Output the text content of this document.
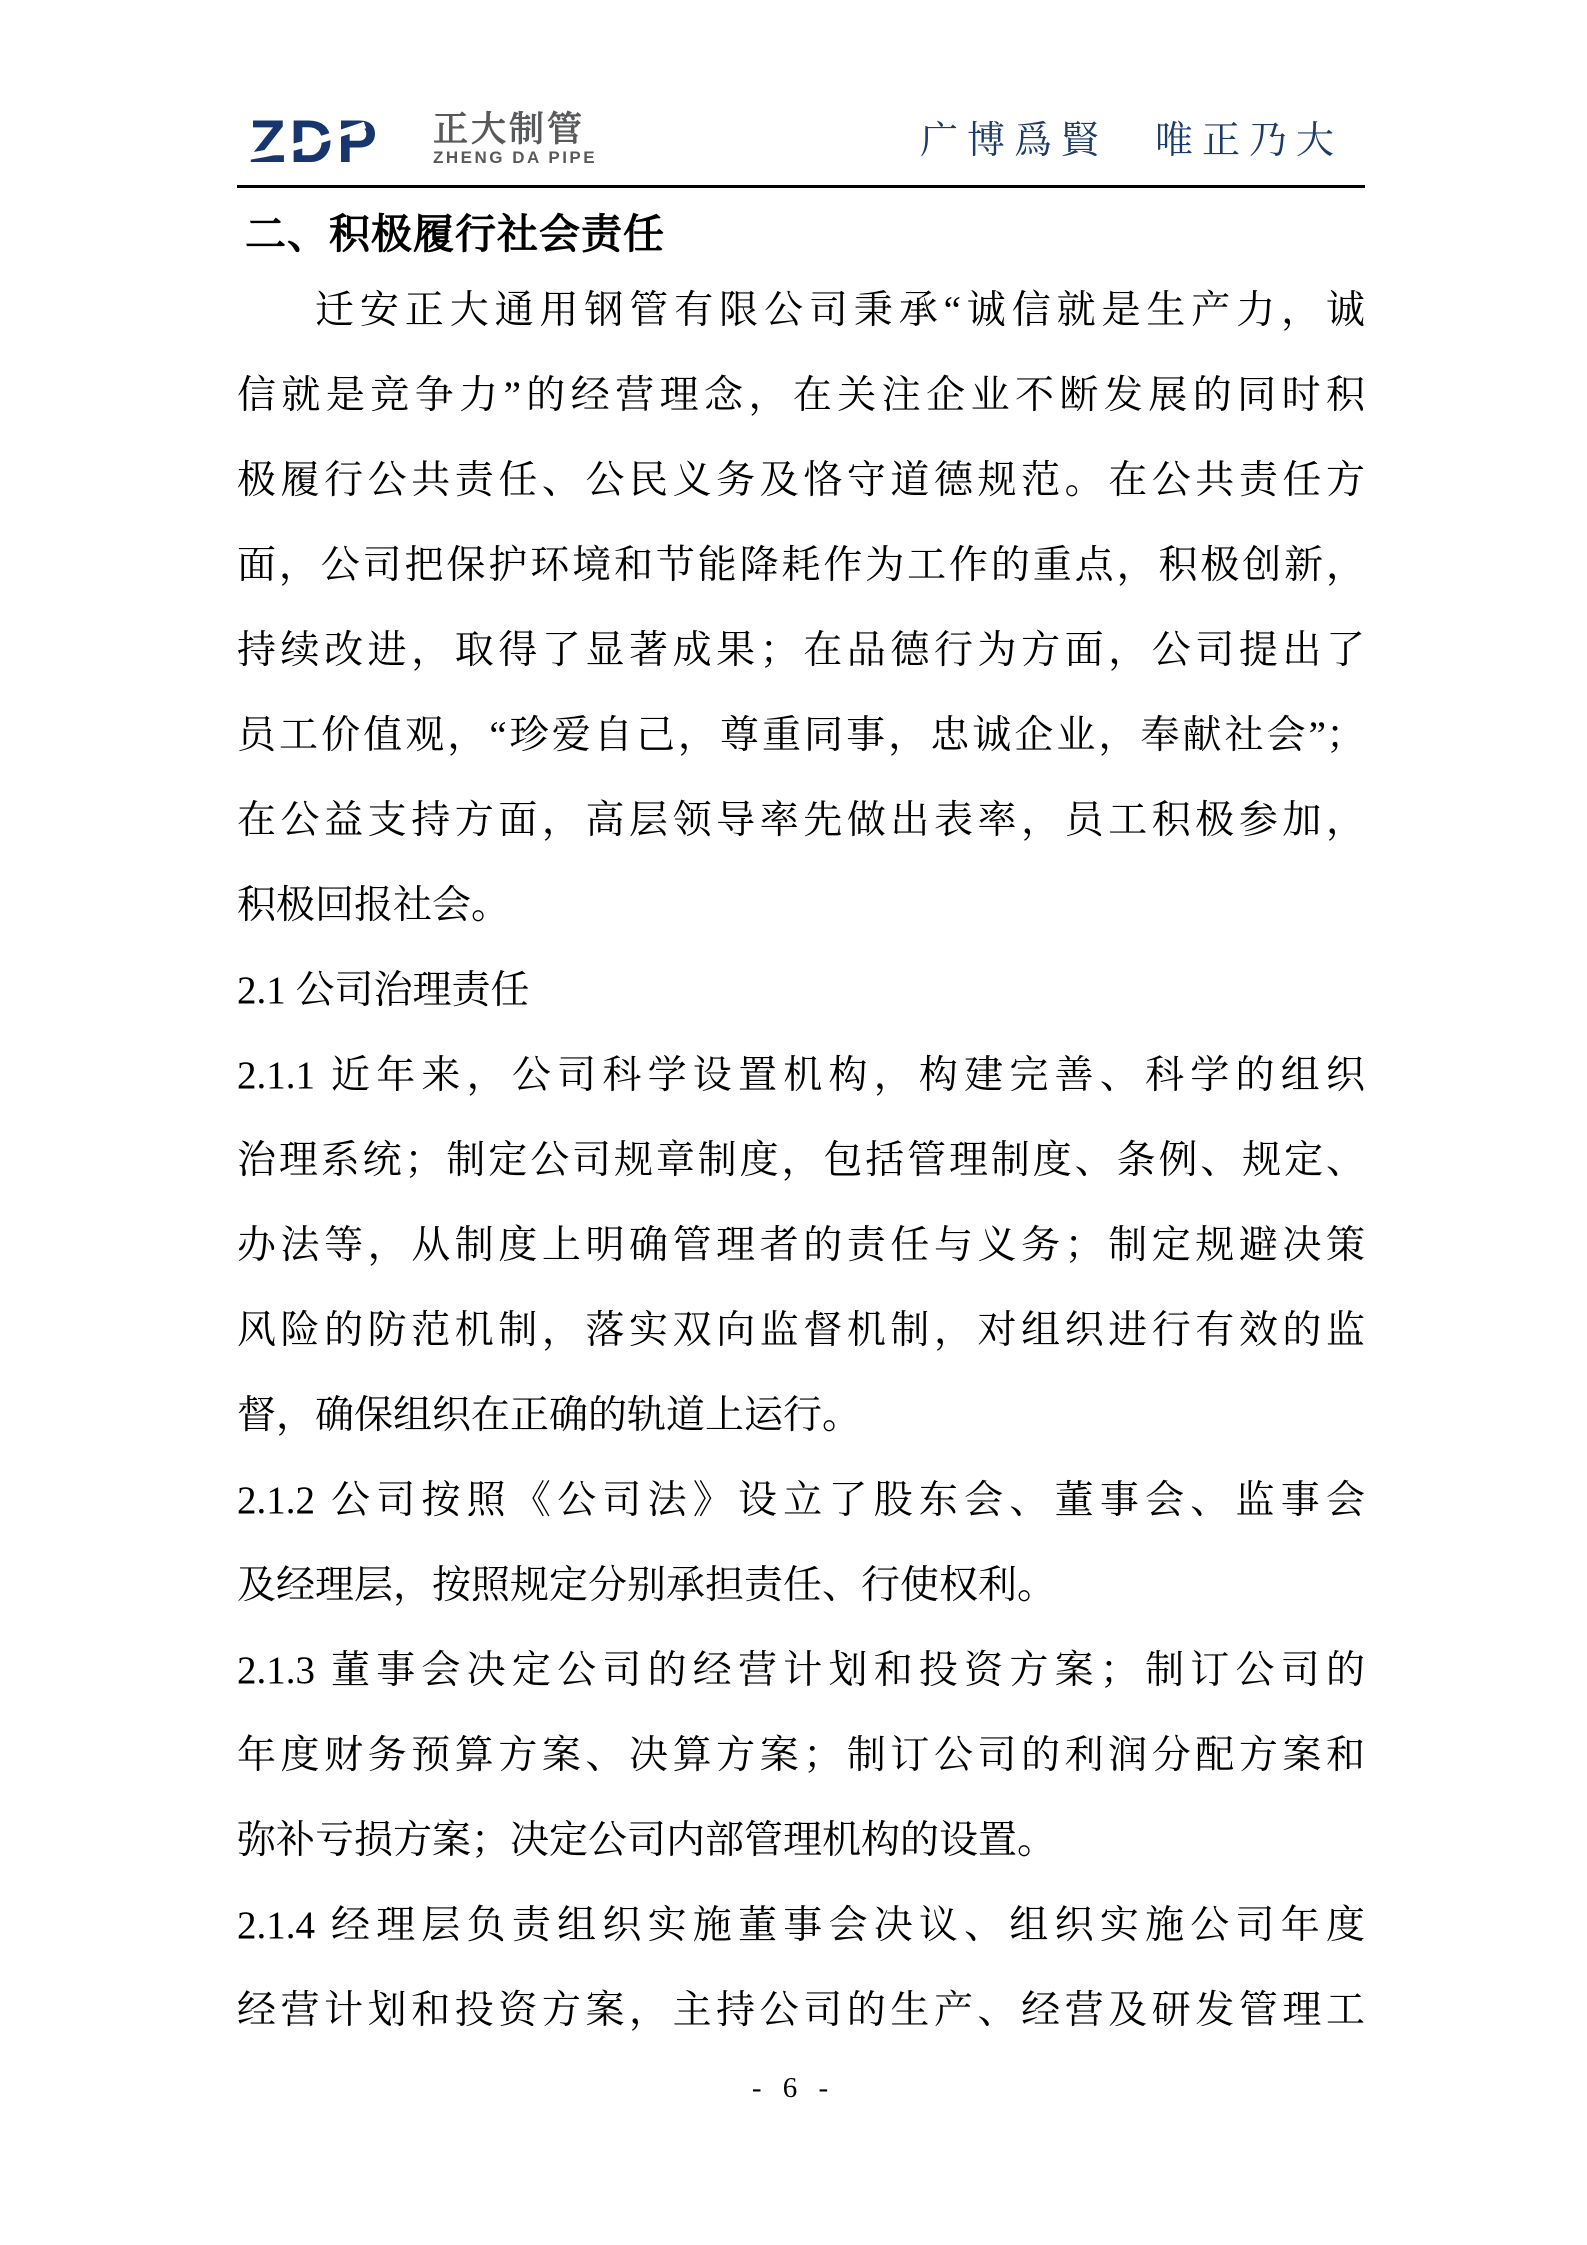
ZDP 正大制管
ZHENG DA PIPE	广博爲賢　唯正乃大
二、积极履行社会责任
迁安正大通用钢管有限公司秉承“诚信就是生产力，诚
信就是竞争力”的经营理念，在关注企业不断发展的同时积
极履行公共责任、公民义务及恪守道德规范。在公共责任方
面，公司把保护环境和节能降耗作为工作的重点，积极创新，
持续改进，取得了显著成果；在品德行为方面，公司提出了
员工价值观，“珍爱自己，尊重同事，忠诚企业，奉献社会”；
在公益支持方面，高层领导率先做出表率，员工积极参加，
积极回报社会。
2.1 公司治理责任
2.1.1 近年来，公司科学设置机构，构建完善、科学的组织
治理系统；制定公司规章制度，包括管理制度、条例、规定、
办法等，从制度上明确管理者的责任与义务；制定规避决策
风险的防范机制，落实双向监督机制，对组织进行有效的监
督，确保组织在正确的轨道上运行。
2.1.2 公司按照《公司法》设立了股东会、董事会、监事会
及经理层，按照规定分别承担责任、行使权利。
2.1.3 董事会决定公司的经营计划和投资方案；制订公司的
年度财务预算方案、决算方案；制订公司的利润分配方案和
弥补亏损方案；决定公司内部管理机构的设置。
2.1.4 经理层负责组织实施董事会决议、组织实施公司年度
经营计划和投资方案，主持公司的生产、经营及研发管理工
- 6 -
